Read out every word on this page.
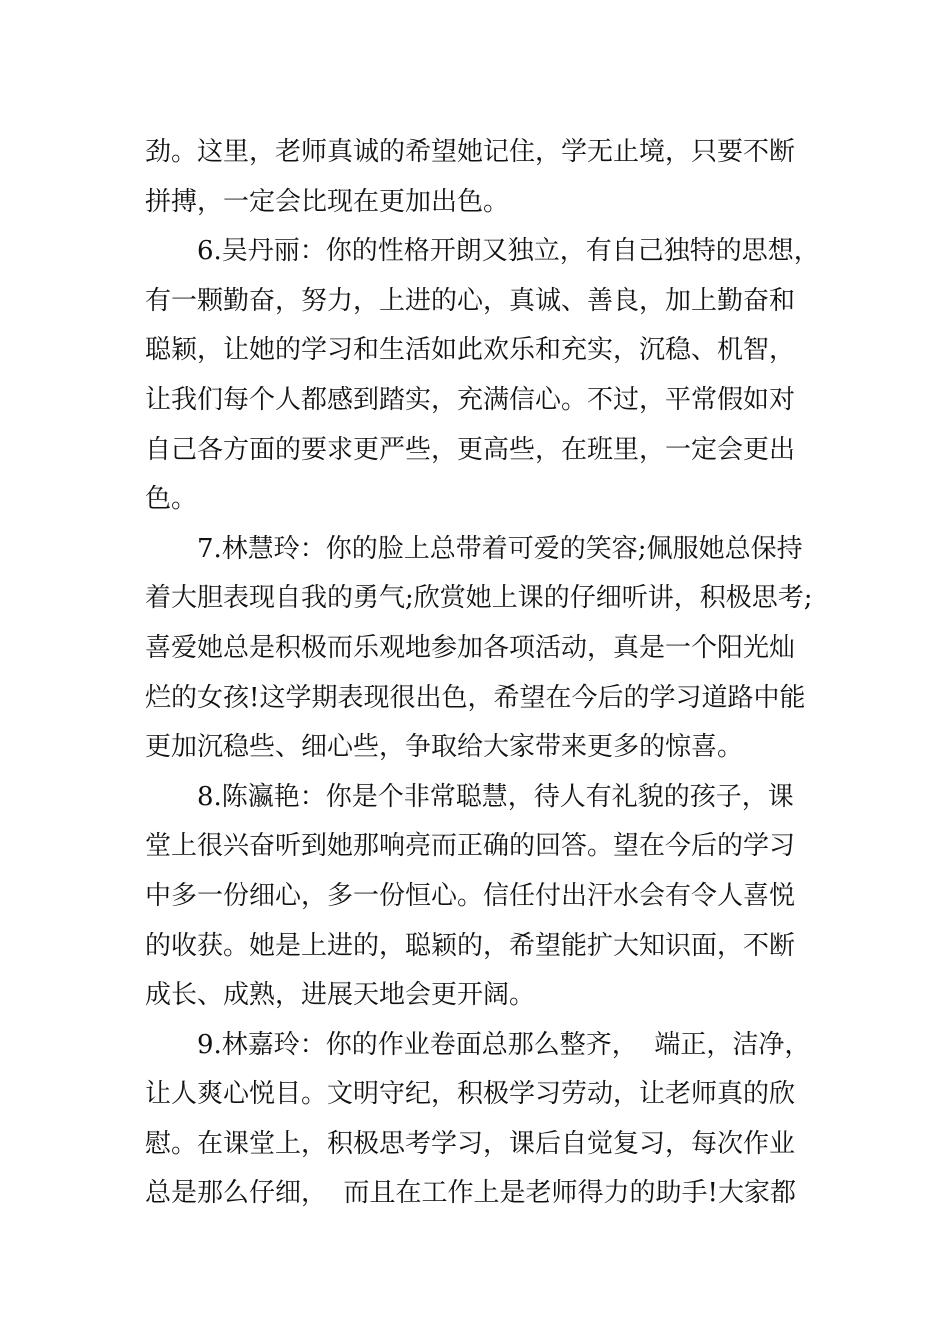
劲。这里，老师真诚的希望她记住，学无止境，只要不断
拼搏，一定会比现在更加出色。
6.吴丹丽：你的性格开朗又独立，有自己独特的思想，
有一颗勤奋，努力，上进的心，真诚、善良，加上勤奋和
聪颖，让她的学习和生活如此欢乐和充实，沉稳、机智，
让我们每个人都感到踏实，充满信心。不过，平常假如对
自己各方面的要求更严些，更高些，在班里，一定会更出
色。
7.林慧玲：你的脸上总带着可爱的笑容;佩服她总保持
着大胆表现自我的勇气;欣赏她上课的仔细听讲，积极思考;
喜爱她总是积极而乐观地参加各项活动，真是一个阳光灿
烂的女孩!这学期表现很出色，希望在今后的学习道路中能
更加沉稳些、细心些，争取给大家带来更多的惊喜。
8.陈瀛艳：你是个非常聪慧，待人有礼貌的孩子，课
堂上很兴奋听到她那响亮而正确的回答。望在今后的学习
中多一份细心，多一份恒心。信任付出汗水会有令人喜悦
的收获。她是上进的，聪颖的，希望能扩大知识面，不断
成长、成熟，进展天地会更开阔。
9.林嘉玲：你的作业卷面总那么整齐，  端正，洁净，
让人爽心悦目。文明守纪，积极学习劳动，让老师真的欣
慰。在课堂上，积极思考学习，课后自觉复习，每次作业
总是那么仔细，  而且在工作上是老师得力的助手!大家都
